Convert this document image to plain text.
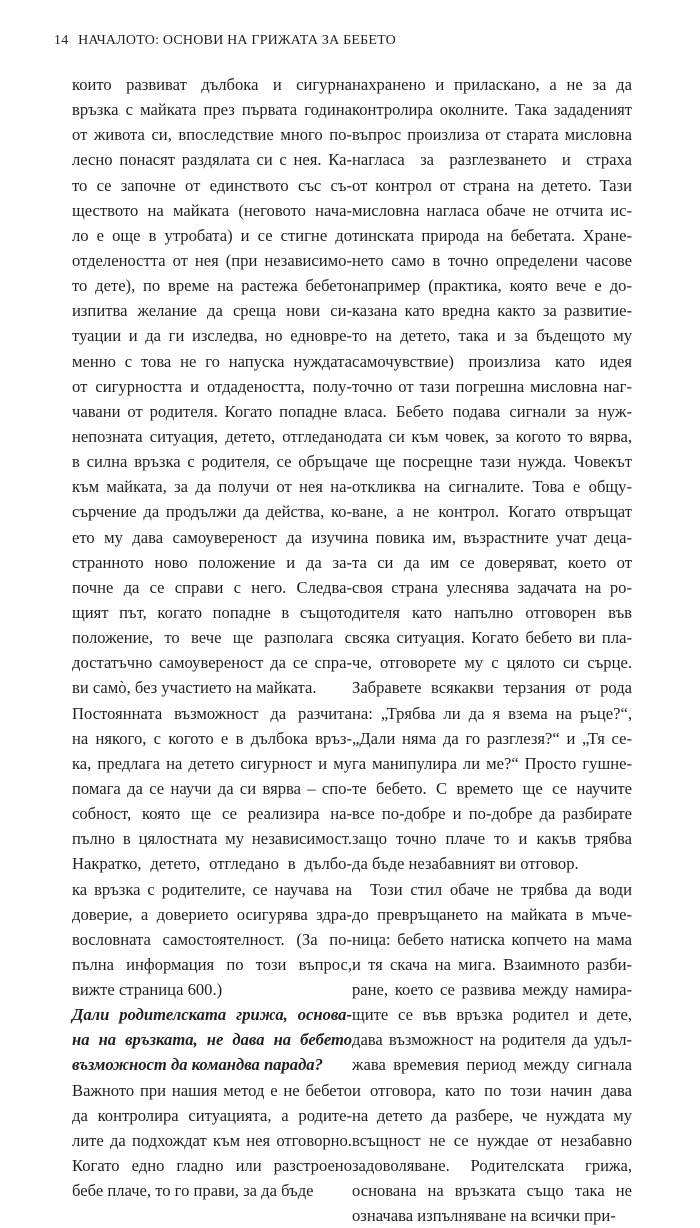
14 НАЧАЛОТО: ОСНОВИ НА ГРИЖАТА ЗА БЕБЕТО
които развиват дълбока и сигурна
връзка с майката през първата година
от живота си, впоследствие много по-
лесно понасят раздялата си с нея. Ка-
то се започне от единството със съ-
ществото на майката (неговото нача-
ло е още в утробата) и се стигне до
отделеността от нея (при независимо-
то дете), по време на растежа бебето
изпитва желание да среща нови си-
туации и да ги изследва, но едновре-
менно с това не го напуска нуждата
от сигурността и отдадеността, полу-
чавани от родителя. Когато попадне в
непозната ситуация, детето, отгледано
в силна връзка с родителя, се обръща
към майката, за да получи от нея на-
сърчение да продължи да действа, ко-
ето му дава самоувереност да изучи
странното ново положение и да за-
почне да се справи с него. Следва-
щият път, когато попадне в същото
положение, то вече ще разполага с
достатъчно самоувереност да се спра-
ви самò, без участието на майката.
Постоянната възможност да разчита
на някого, с когото е в дълбока връз-
ка, предлага на детето сигурност и му
помага да се научи да си вярва – спо-
собност, която ще се реализира на-
пълно в цялостната му независимост.
Накратко, детето, отгледано в дълбо-
ка връзка с родителите, се научава на
доверие, а доверието осигурява здра-
вословната самостоятелност. (За по-
пълна информация по този въпрос,
вижте страница 600.)
Дали родителската грижа, основа-
на на връзката, не дава на бебето
възможност да командва парада?
Важното при нашия метод е не бебето
да контролира ситуацията, а родите-
лите да подхождат към нея отговорно.
Когато едно гладно или разстроено
бебе плаче, то го прави, за да бъде
нахранено и приласкано, а не за да
контролира околните. Така зададеният
въпрос произлиза от старата мисловна
нагласа за разглезването и страха
от контрол от страна на детето. Тази
мисловна нагласа обаче не отчита ис-
тинската природа на бебетата. Хране-
нето само в точно определени часове
например (практика, която вече е до-
казана като вредна както за развитие-
то на детето, така и за бъдещото му
самочувствие) произлиза като идея
точно от тази погрешна мисловна наг-
ласа. Бебето подава сигнали за нуж-
дата си към човек, за когото то вярва,
че ще посрещне тази нужда. Човекът
откликва на сигналите. Това е общу-
ване, а не контрол. Когато отвръщат
на повика им, възрастните учат деца-
та си да им се доверяват, което от
своя страна улеснява задачата на ро-
дителя като напълно отговорен във
всяка ситуация. Когато бебето ви пла-
че, отговорете му с цялото си сърце.
Забравете всякакви терзания от рода
на: „Трябва ли да я взема на ръце?“,
„Дали няма да го разглезя?“ и „Тя се-
га манипулира ли ме?“ Просто гушне-
те бебето. С времето ще се научите
все по-добре и по-добре да разбирате
защо точно плаче то и какъв трябва
да бъде незабавният ви отговор.
Този стил обаче не трябва да води
до превръщането на майката в мъче-
ница: бебето натиска копчето на мама
и тя скача на мига. Взаимното разби-
ране, което се развива между намира-
щите се във връзка родител и дете,
дава възможност на родителя да удъл-
жава времевия период между сигнала
и отговора, като по този начин дава
на детето да разбере, че нуждата му
всъщност не се нуждае от незабавно
задоволяване. Родителската грижа,
основана на връзката също така не
означава изпълняване на всички при-
